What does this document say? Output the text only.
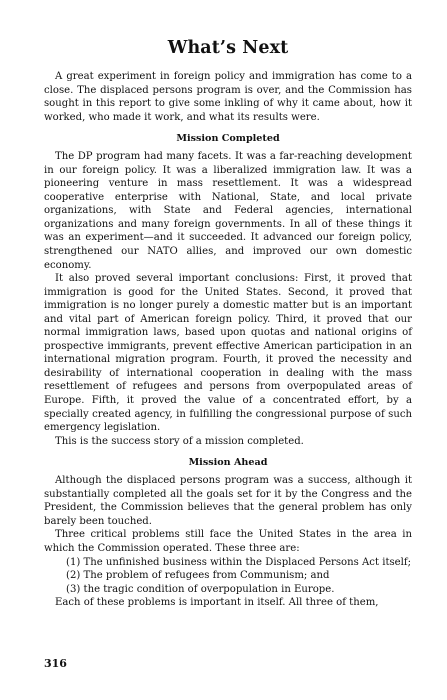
What’s Next

A great experiment in foreign policy and immigration has come to a close. The displaced persons program is over, and the Commission has sought in this report to give some inkling of why it came about, how it worked, who made it work, and what its results were.

Mission Completed

The DP program had many facets. It was a far-reaching development in our foreign policy. It was a liberalized immigration law. It was a pioneering venture in mass resettlement. It was a widespread cooperative enterprise with National, State, and local private organizations, with State and Federal agencies, international organizations and many foreign governments. In all of these things it was an experiment—and it succeeded. It advanced our foreign policy, strengthened our NATO allies, and improved our own domestic economy.

It also proved several important conclusions: First, it proved that immigration is good for the United States. Second, it proved that immigration is no longer purely a domestic matter but is an important and vital part of American foreign policy. Third, it proved that our normal immigration laws, based upon quotas and national origins of prospective immigrants, prevent effective American participation in an international migration program. Fourth, it proved the necessity and desirability of international cooperation in dealing with the mass resettlement of refugees and persons from overpopulated areas of Europe. Fifth, it proved the value of a concentrated effort, by a specially created agency, in fulfilling the congressional purpose of such emergency legislation.

This is the success story of a mission completed.

Mission Ahead

Although the displaced persons program was a success, although it substantially completed all the goals set for it by the Congress and the President, the Commission believes that the general problem has only barely been touched.

Three critical problems still face the United States in the area in which the Commission operated. These three are:

(1) The unfinished business within the Displaced Persons Act itself;

(2) The problem of refugees from Communism; and

(3) the tragic condition of overpopulation in Europe.

Each of these problems is important in itself. All three of them,

316
